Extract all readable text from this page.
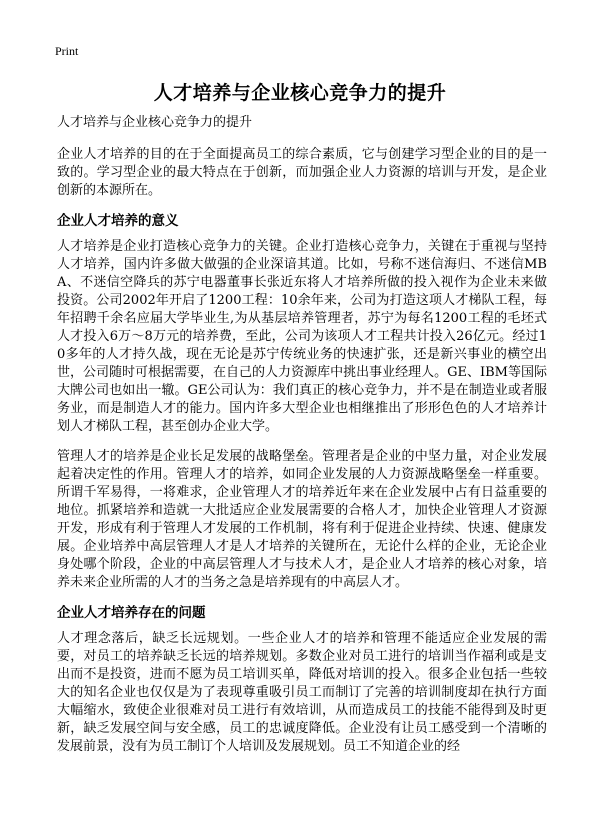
Print
人才培养与企业核心竞争力的提升

人才培养与企业核心竞争力的提升

企业人才培养的目的在于全面提高员工的综合素质，它与创建学习型企业的目的是一致的。学习型企业的最大特点在于创新，而加强企业人力资源的培训与开发，是企业创新的本源所在。

企业人才培养的意义

人才培养是企业打造核心竞争力的关键。企业打造核心竞争力，关键在于重视与坚持人才培养，国内许多做大做强的企业深谙其道。比如，号称不迷信海归、不迷信MBA、不迷信空降兵的苏宁电器董事长张近东将人才培养所做的投入视作为企业未来做投资。公司2002年开启了1200工程：10余年来，公司为打造这项人才梯队工程，每年招聘千余名应届大学毕业生,为从基层培养管理者，苏宁为每名1200工程的毛坯式人才投入6万～8万元的培养费，至此，公司为该项人才工程共计投入26亿元。经过10多年的人才持久战，现在无论是苏宁传统业务的快速扩张，还是新兴事业的横空出世，公司随时可根据需要，在自己的人力资源库中挑出事业经理人。GE、IBM等国际大牌公司也如出一辙。GE公司认为：我们真正的核心竞争力，并不是在制造业或者服务业，而是制造人才的能力。国内许多大型企业也相继推出了形形色色的人才培养计划人才梯队工程，甚至创办企业大学。

管理人才的培养是企业长足发展的战略堡垒。管理者是企业的中坚力量，对企业发展起着决定性的作用。管理人才的培养，如同企业发展的人力资源战略堡垒一样重要。所谓千军易得，一将难求，企业管理人才的培养近年来在企业发展中占有日益重要的地位。抓紧培养和造就一大批适应企业发展需要的合格人才，加快企业管理人才资源开发，形成有利于管理人才发展的工作机制，将有利于促进企业持续、快速、健康发展。企业培养中高层管理人才是人才培养的关键所在，无论什么样的企业，无论企业身处哪个阶段，企业的中高层管理人才与技术人才，是企业人才培养的核心对象，培养未来企业所需的人才的当务之急是培养现有的中高层人才。

企业人才培养存在的问题

人才理念落后，缺乏长远规划。一些企业人才的培养和管理不能适应企业发展的需要，对员工的培养缺乏长远的培养规划。多数企业对员工进行的培训当作福利或是支出而不是投资，进而不愿为员工培训买单，降低对培训的投入。很多企业包括一些较大的知名企业也仅仅是为了表现尊重吸引员工而制订了完善的培训制度却在执行方面大幅缩水，致使企业很难对员工进行有效培训，从而造成员工的技能不能得到及时更新，缺乏发展空间与安全感，员工的忠诚度降低。企业没有让员工感受到一个清晰的发展前景，没有为员工制订个人培训及发展规划。员工不知道企业的经
